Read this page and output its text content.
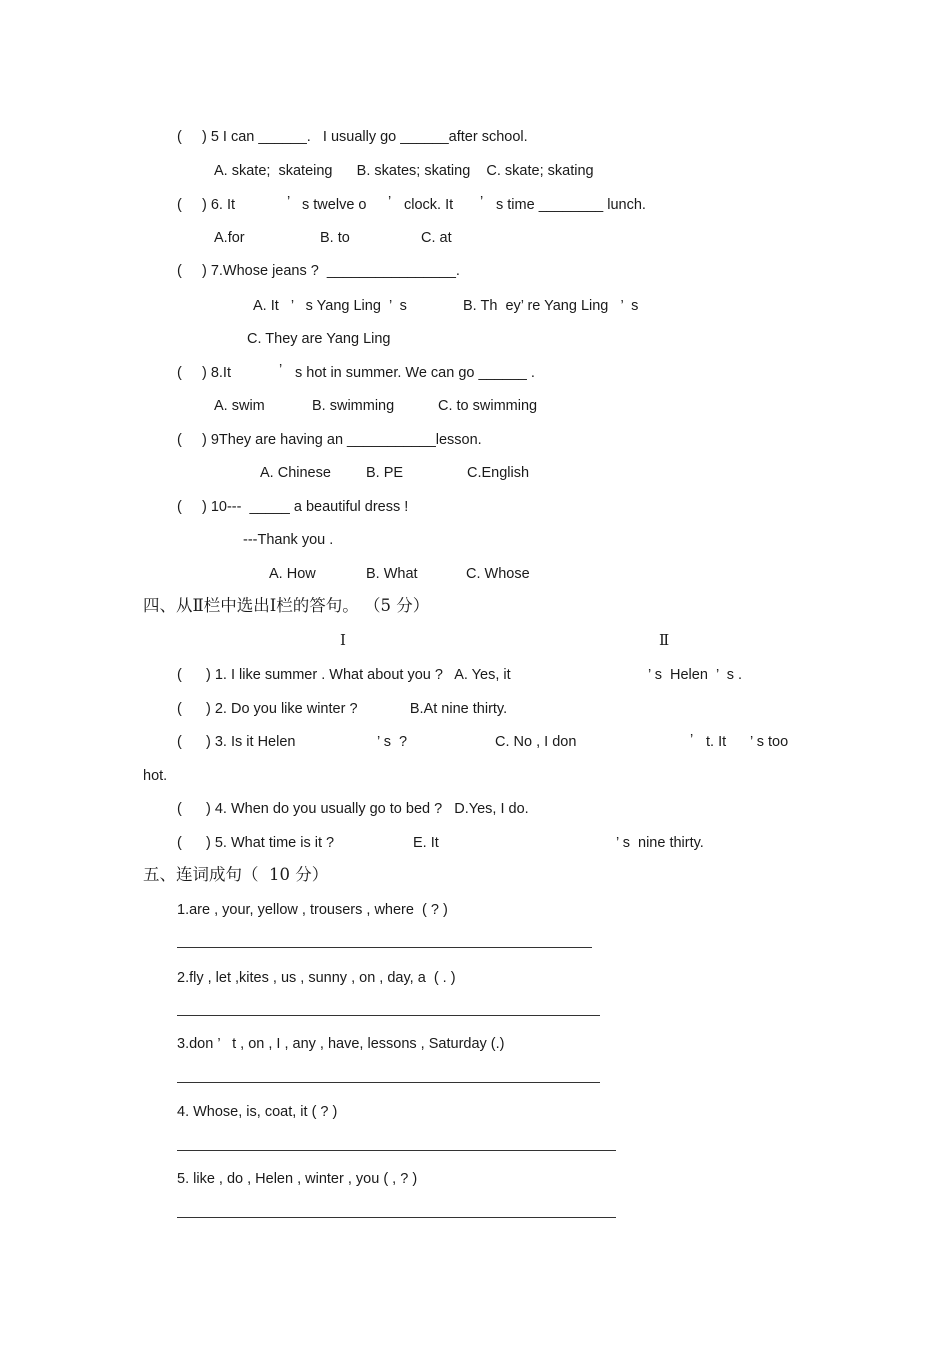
(     ) 5 I can ______.   I usually go ______after school.
A. skate;  skateing      B. skates; skating    C. skate; skating
(     ) 6. It	’ s twelve o ’ clock. It ’ s time ________ lunch.
A.for	B. to	C. at
(     ) 7.Whose jeans ?  ________________.
A. It   ’   s Yang Ling  ’  s	B. Th  ey’ re Yang Ling   ’  s
C. They are Yang Ling
(     ) 8.It	’ s hot in summer. We can go ______ .
A. swim	B. swimming	C. to swimming
(     ) 9They are having an ___________lesson.
A. Chinese B. PE	C.English
(     ) 10---  _____ a beautiful dress !
---Thank you .
A. How	B. What	C. Whose
四、从Ⅱ栏中选出Ⅰ栏的答句。 （5 分）
Ⅰ	Ⅱ
(      ) 1. I like summer . What about you ?   A. Yes, it	’ s  Helen  ’  s .
(      ) 2. Do you like winter ?             B.At nine thirty.
(      ) 3. Is it Helen	’ s  ?	C. No , I don	’ t. It ’ s too
hot.
(      ) 4. When do you usually go to bed ?   D.Yes, I do.
(      ) 5. What time is it ?	E. It	’ s  nine thirty.
五、连词成句（  10 分）
1.are , your, yellow , trousers , where  ( ? )
2.fly , let ,kites , us , sunny , on , day, a  ( . )
3.don ’   t , on , I , any , have, lessons , Saturday (.)
4. Whose, is, coat, it ( ? )
5. like , do , Helen , winter , you ( , ? )
